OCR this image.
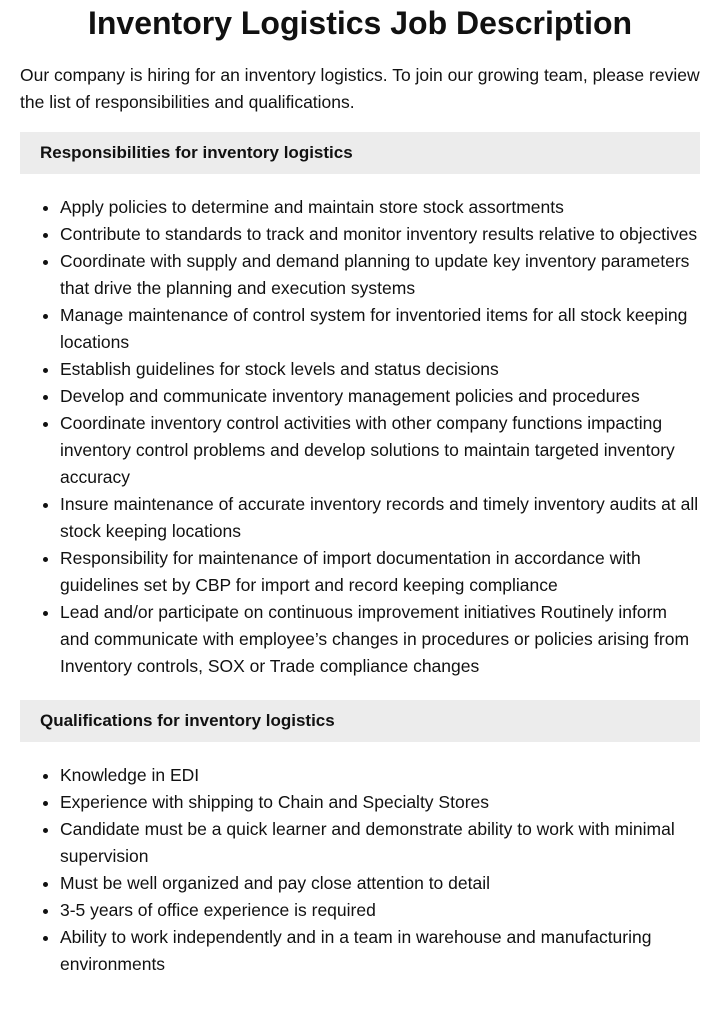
Inventory Logistics Job Description

Our company is hiring for an inventory logistics. To join our growing team, please review the list of responsibilities and qualifications.

Responsibilities for inventory logistics
• Apply policies to determine and maintain store stock assortments
• Contribute to standards to track and monitor inventory results relative to objectives
• Coordinate with supply and demand planning to update key inventory parameters that drive the planning and execution systems
• Manage maintenance of control system for inventoried items for all stock keeping locations
• Establish guidelines for stock levels and status decisions
• Develop and communicate inventory management policies and procedures
• Coordinate inventory control activities with other company functions impacting inventory control problems and develop solutions to maintain targeted inventory accuracy
• Insure maintenance of accurate inventory records and timely inventory audits at all stock keeping locations
• Responsibility for maintenance of import documentation in accordance with guidelines set by CBP for import and record keeping compliance
• Lead and/or participate on continuous improvement initiatives Routinely inform and communicate with employee’s changes in procedures or policies arising from Inventory controls, SOX or Trade compliance changes
Qualifications for inventory logistics
• Knowledge in EDI
• Experience with shipping to Chain and Specialty Stores
• Candidate must be a quick learner and demonstrate ability to work with minimal supervision
• Must be well organized and pay close attention to detail
• 3-5 years of office experience is required
• Ability to work independently and in a team in warehouse and manufacturing environments
